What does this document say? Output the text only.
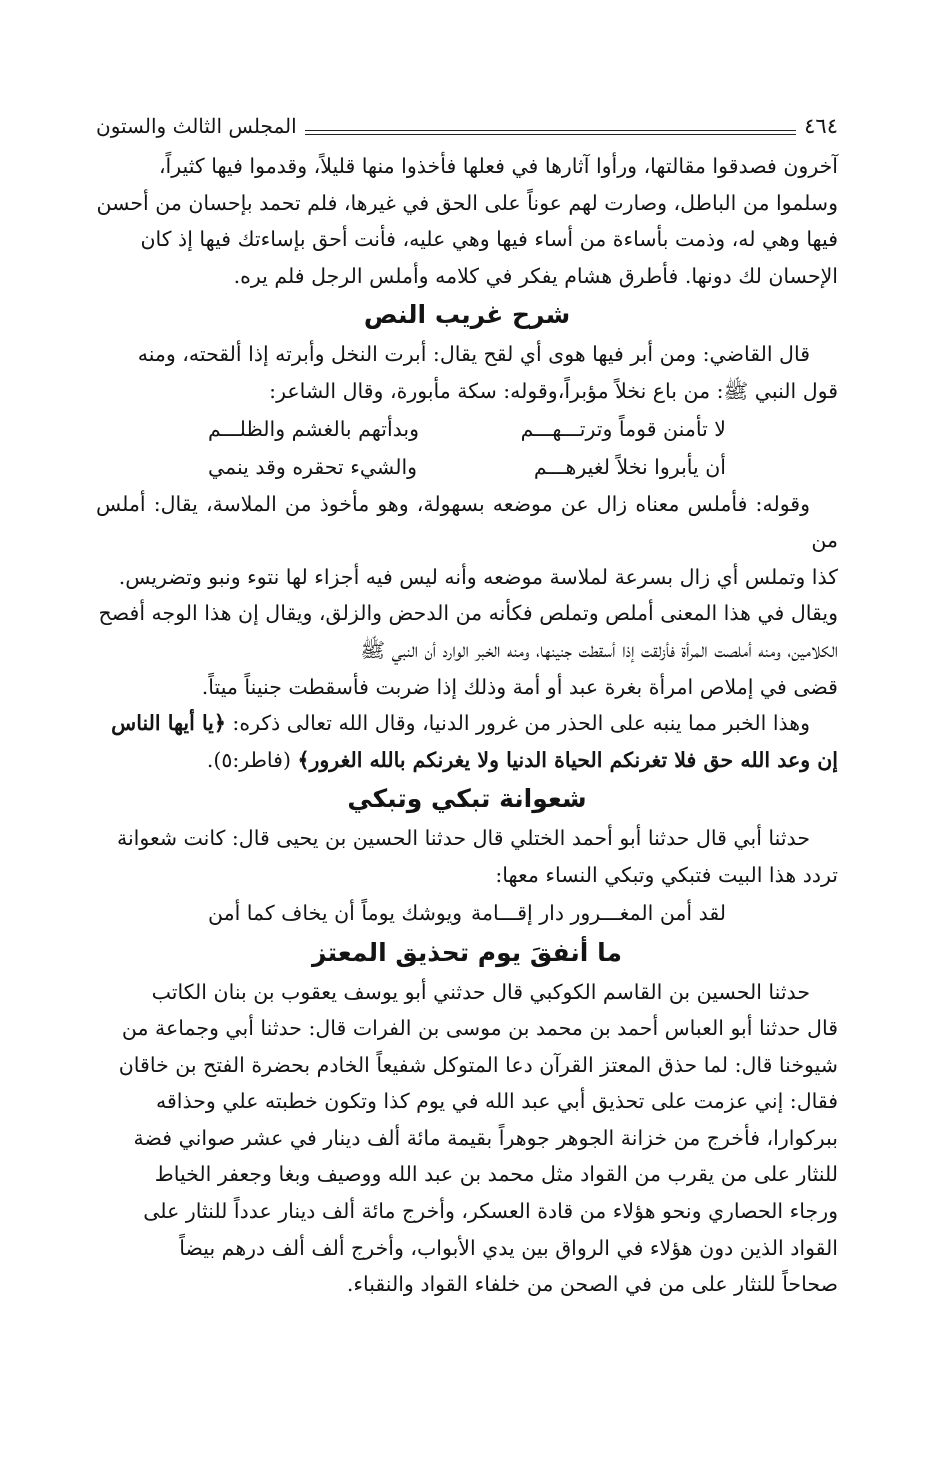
٤٦٤
المجلس الثالث والستون

آخرون فصدقوا مقالتها، ورأوا آثارها في فعلها فأخذوا منها قليلاً، وقدموا فيها كثيراً،

وسلموا من الباطل، وصارت لهم عوناً على الحق في غيرها، فلم تحمد بإحسان من أحسن

فيها وهي له، وذمت بأساءة من أساء فيها وهي عليه، فأنت أحق بإساءتك فيها إذ كان

الإحسان لك دونها. فأطرق هشام يفكر في كلامه وأملس الرجل فلم يره.

شرح غريب النص

قال القاضي: ومن أبر فيها هوى أي لقح يقال: أبرت النخل وأبرته إذا ألقحته، ومنه

قول النبي ﷺ: من باع نخلاً مؤبراً،وقوله: سكة مأبورة، وقال الشاعر:

لا تأمنن قوماً وترتـــهـــم
وبدأتهم بالغشم والظلـــم
أن يأبروا نخلاً لغيرهـــم
والشيء تحقره وقد ينمي

وقوله: فأملس معناه زال عن موضعه بسهولة، وهو مأخوذ من الملاسة، يقال: أملس من

كذا وتملس أي زال بسرعة لملاسة موضعه وأنه ليس فيه أجزاء لها نتوء ونبو وتضريس.

ويقال في هذا المعنى أملص وتملص فكأنه من الدحض والزلق، ويقال إن هذا الوجه أفصح

الكلامين، ومنه أملصت المرأة فأزلقت إذا أسقطت جنينها، ومنه الخبر الوارد أن النبي ﷺ

قضى في إملاص امرأة بغرة عبد أو أمة وذلك إذا ضربت فأسقطت جنيناً ميتاً.

وهذا الخبر مما ينبه على الحذر من غرور الدنيا، وقال الله تعالى ذكره: ﴿يا أيها الناس

إن وعد الله حق فلا تغرنكم الحياة الدنيا ولا يغرنكم بالله الغرور﴾ (فاطر:٥).

شعوانة تبكي وتبكي

حدثنا أبي قال حدثنا أبو أحمد الختلي قال حدثنا الحسين بن يحيى قال: كانت شعوانة

تردد هذا البيت فتبكي وتبكي النساء معها:

لقد أمن المغـــرور دار إقـــامة
ويوشك يوماً أن يخاف كما أمن
ما أنفقَ يوم تحذيق المعتز

حدثنا الحسين بن القاسم الكوكبي قال حدثني أبو يوسف يعقوب بن بنان الكاتب

قال حدثنا أبو العباس أحمد بن محمد بن موسى بن الفرات قال: حدثنا أبي وجماعة من

شيوخنا قال: لما حذق المعتز القرآن دعا المتوكل شفيعاً الخادم بحضرة الفتح بن خاقان

فقال: إني عزمت على تحذيق أبي عبد الله في يوم كذا وتكون خطبته علي وحذاقه

ببركوارا، فأخرج من خزانة الجوهر جوهراً بقيمة مائة ألف دينار في عشر صواني فضة

للنثار على من يقرب من القواد مثل محمد بن عبد الله ووصيف وبغا وجعفر الخياط

ورجاء الحصاري ونحو هؤلاء من قادة العسكر، وأخرج مائة ألف دينار عدداً للنثار على

القواد الذين دون هؤلاء في الرواق بين يدي الأبواب، وأخرج ألف ألف درهم بيضاً

صحاحاً للنثار على من في الصحن من خلفاء القواد والنقباء.
